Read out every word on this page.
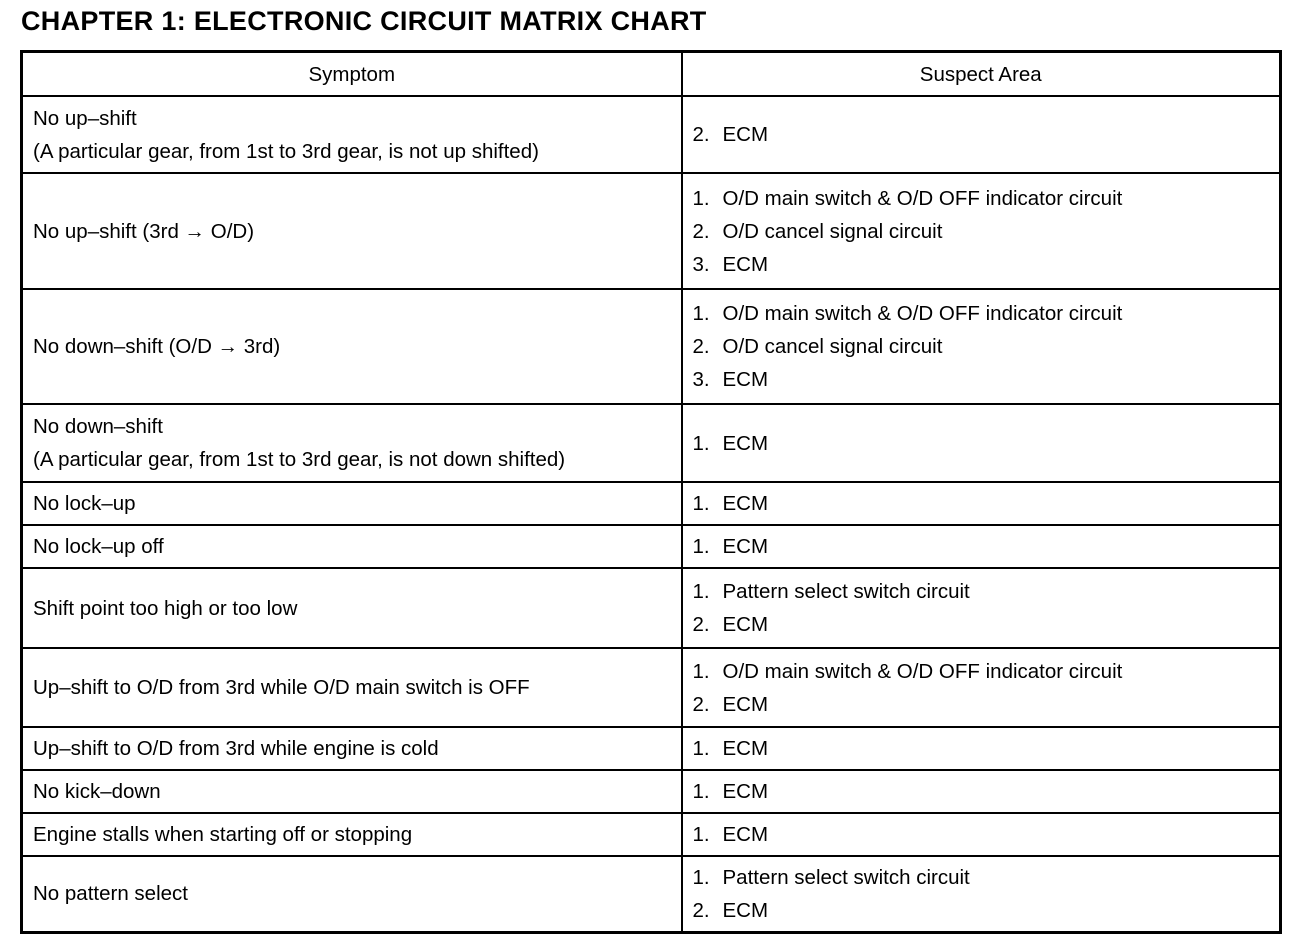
CHAPTER 1: ELECTRONIC CIRCUIT MATRIX CHART
Symptom	Suspect Area

No up–shift
(A particular gear, from 1st to 3rd gear, is not up shifted)	2. ECM

No up–shift (3rd → O/D)	1. O/D main switch & O/D OFF indicator circuit
2. O/D cancel signal circuit
3. ECM

No down–shift (O/D → 3rd)	1. O/D main switch & O/D OFF indicator circuit
2. O/D cancel signal circuit
3. ECM

No down–shift
(A particular gear, from 1st to 3rd gear, is not down shifted)	1. ECM

No lock–up	1. ECM

No lock–up off	1. ECM

Shift point too high or too low	1. Pattern select switch circuit
2. ECM

Up–shift to O/D from 3rd while O/D main switch is OFF	1. O/D main switch & O/D OFF indicator circuit
2. ECM

Up–shift to O/D from 3rd while engine is cold	1. ECM

No kick–down	1. ECM

Engine stalls when starting off or stopping	1. ECM

No pattern select	1. Pattern select switch circuit
2. ECM
